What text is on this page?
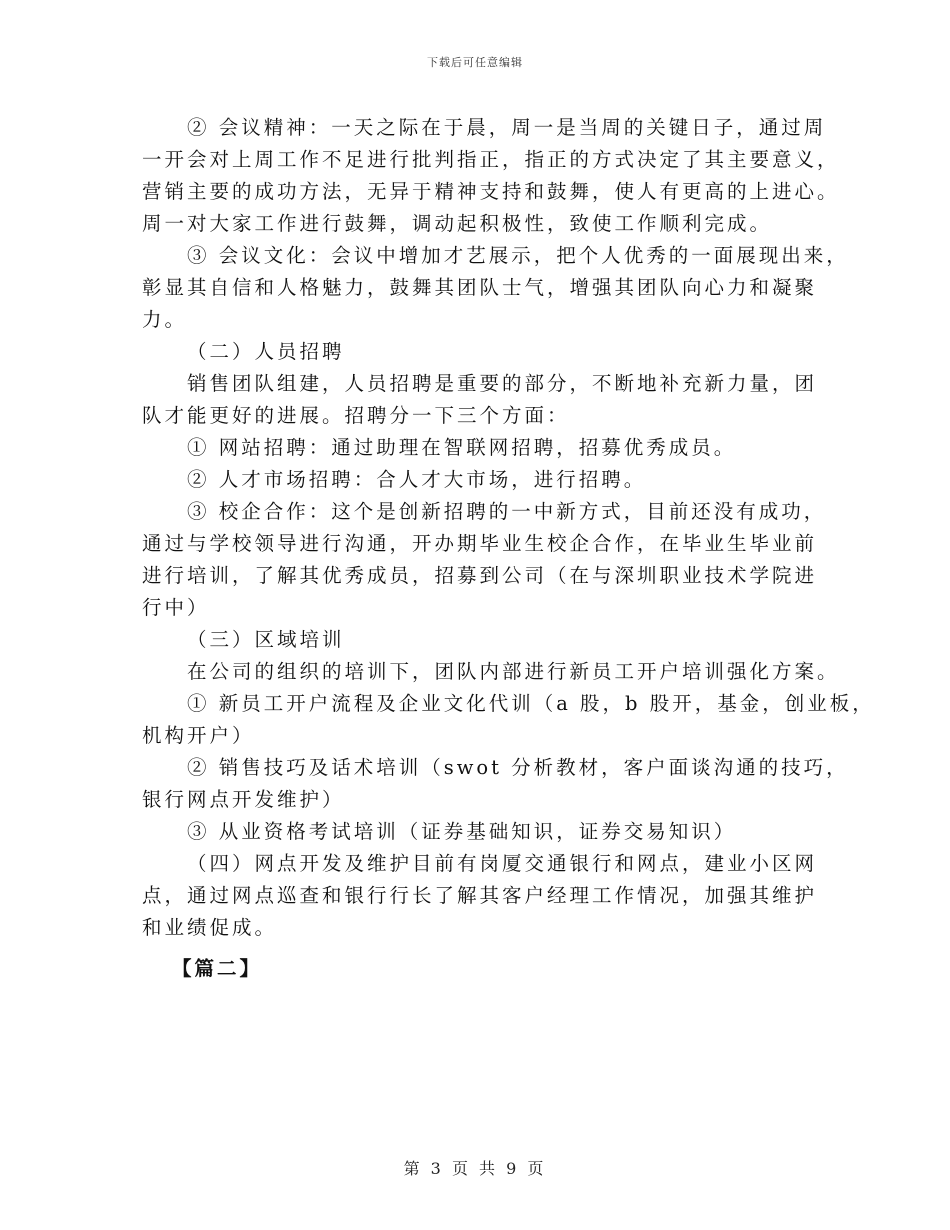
下载后可任意编辑
② 会议精神：一天之际在于晨，周一是当周的关键日子，通过周
一开会对上周工作不足进行批判指正，指正的方式决定了其主要意义，
营销主要的成功方法，无异于精神支持和鼓舞，使人有更高的上进心。
周一对大家工作进行鼓舞，调动起积极性，致使工作顺利完成。
③ 会议文化：会议中增加才艺展示，把个人优秀的一面展现出来，
彰显其自信和人格魅力，鼓舞其团队士气，增强其团队向心力和凝聚
力。
（二）人员招聘
销售团队组建，人员招聘是重要的部分，不断地补充新力量，团
队才能更好的进展。招聘分一下三个方面：
① 网站招聘：通过助理在智联网招聘，招募优秀成员。
② 人才市场招聘：合人才大市场，进行招聘。
③ 校企合作：这个是创新招聘的一中新方式，目前还没有成功，
通过与学校领导进行沟通，开办期毕业生校企合作，在毕业生毕业前
进行培训，了解其优秀成员，招募到公司（在与深圳职业技术学院进
行中）
（三）区域培训
在公司的组织的培训下，团队内部进行新员工开户培训强化方案。
① 新员工开户流程及企业文化代训（a 股，b 股开，基金，创业板，
机构开户）
② 销售技巧及话术培训（swot 分析教材，客户面谈沟通的技巧，
银行网点开发维护）
③ 从业资格考试培训（证券基础知识，证券交易知识）
（四）网点开发及维护目前有岗厦交通银行和网点，建业小区网
点，通过网点巡查和银行行长了解其客户经理工作情况，加强其维护
和业绩促成。
【篇二】
第 3 页 共 9 页
